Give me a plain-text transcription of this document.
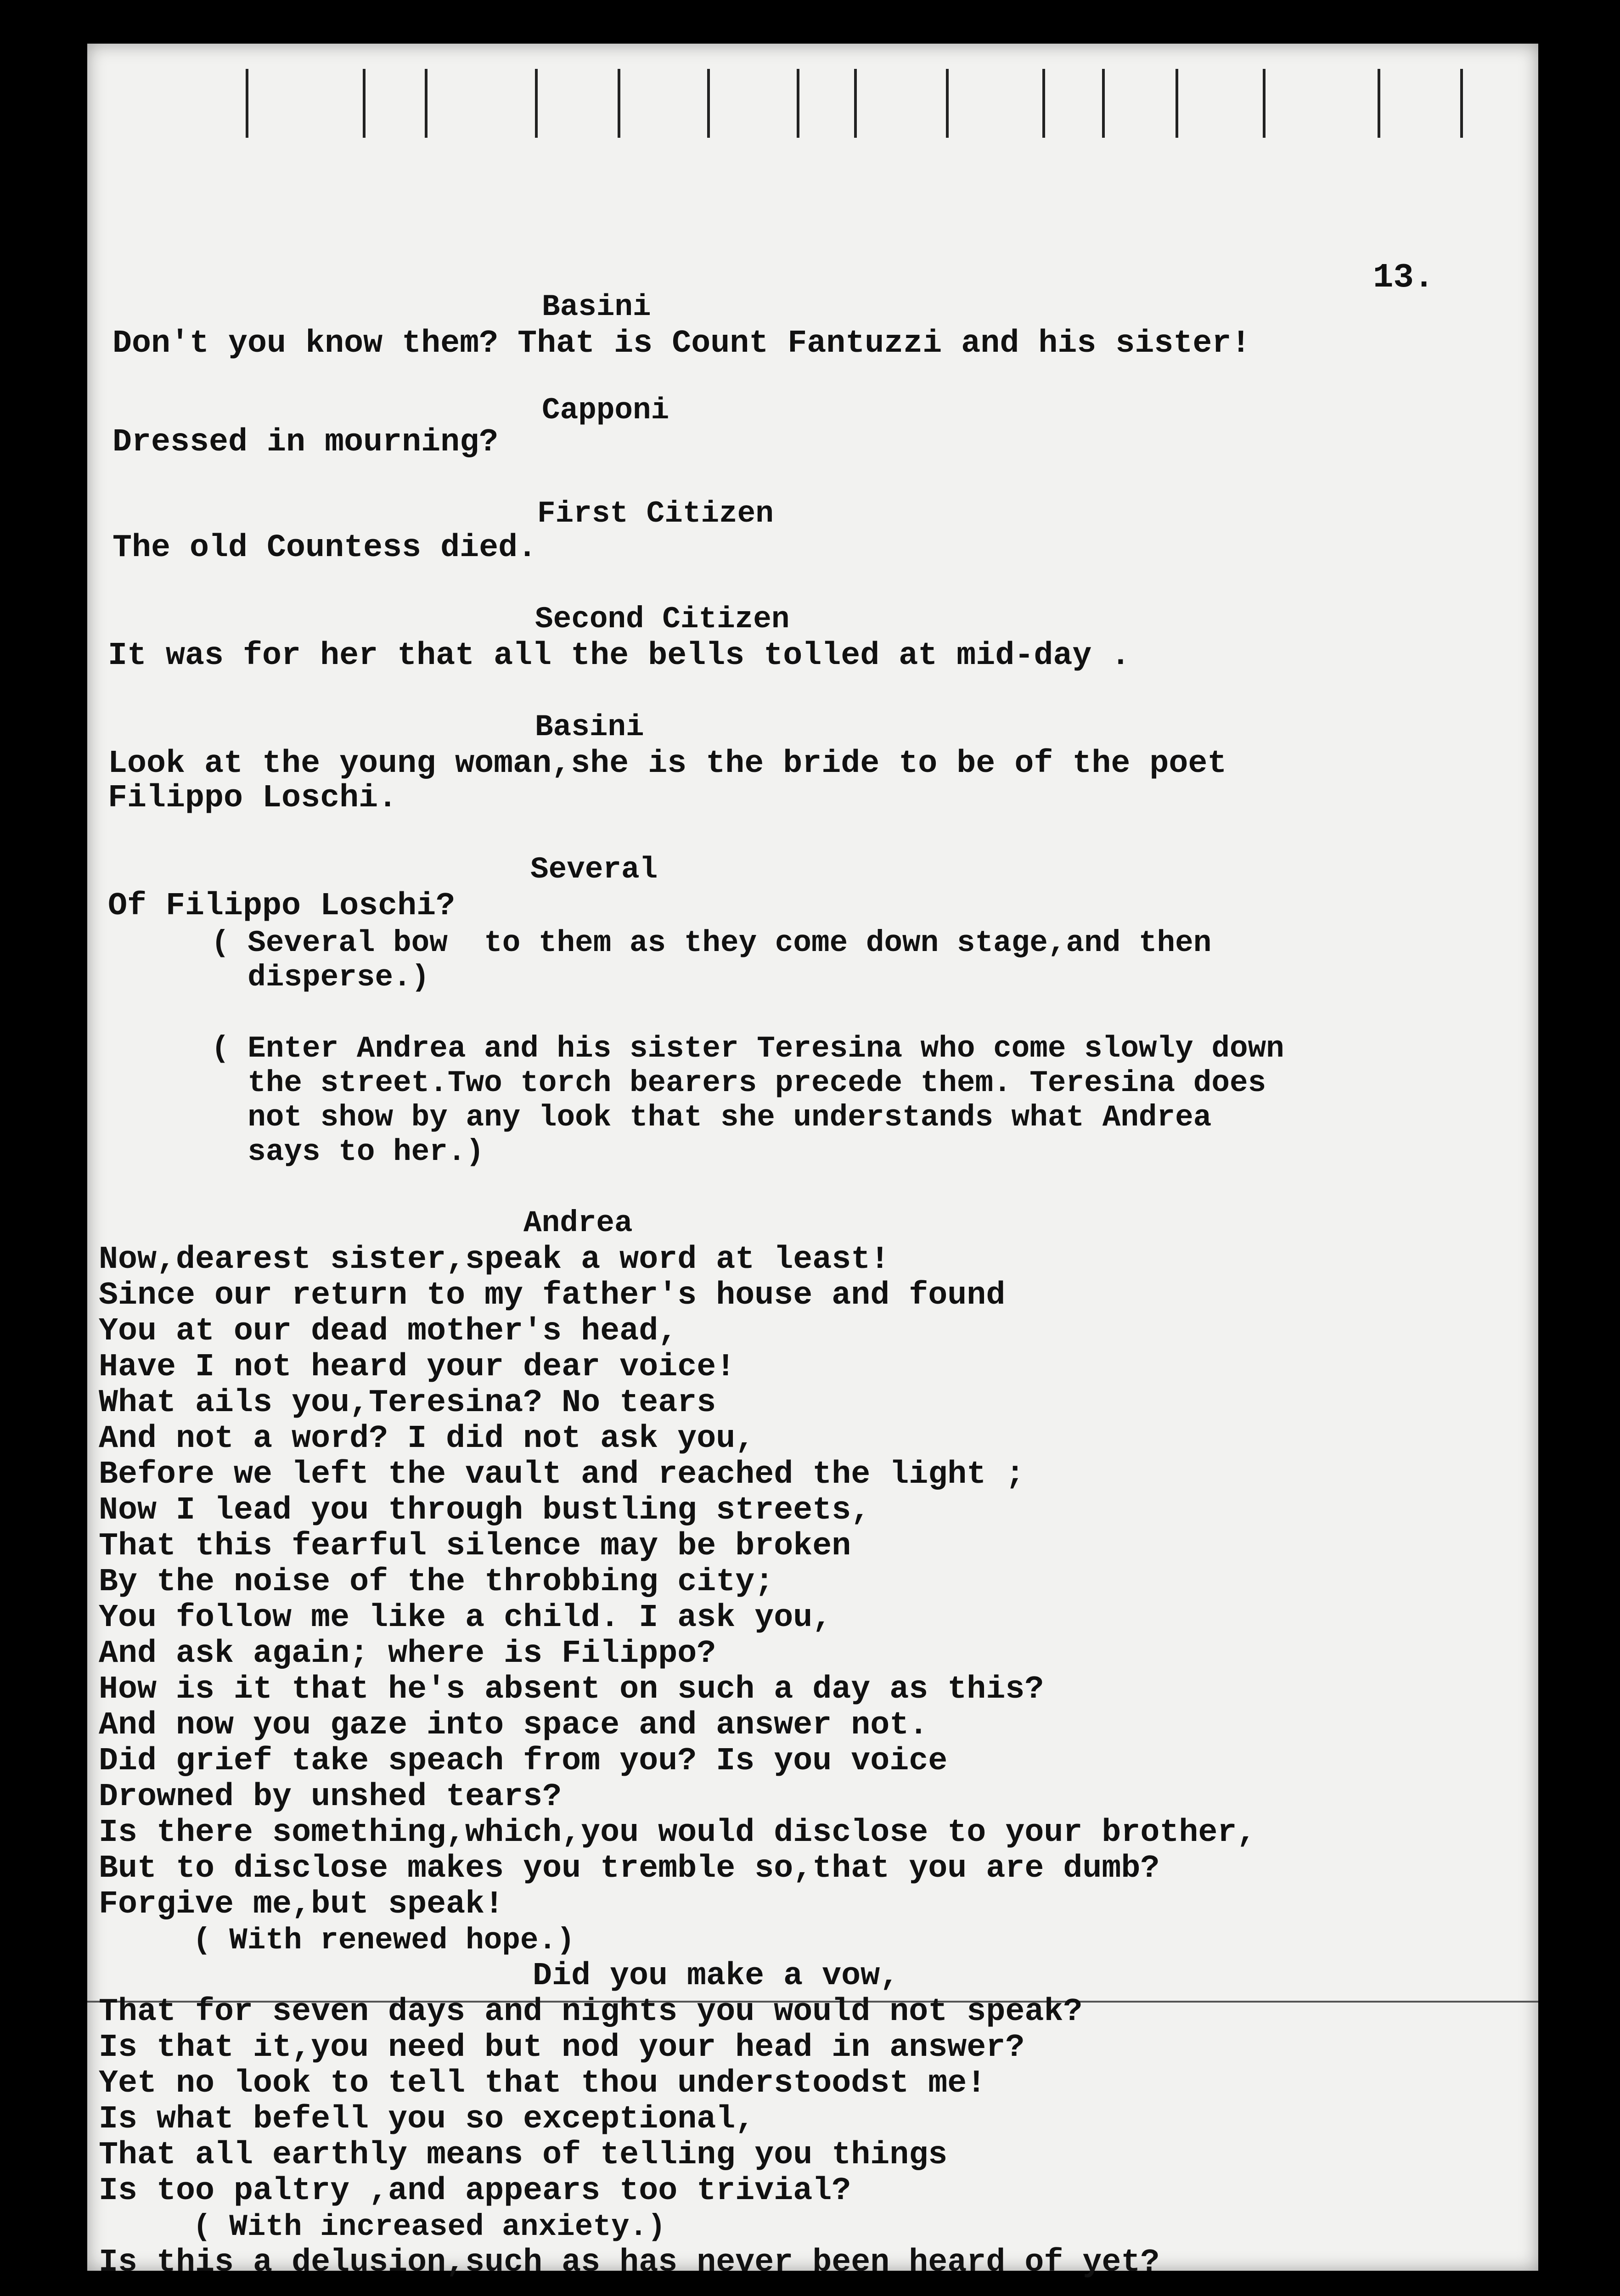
13.
Basini
Don't you know them? That is Count Fantuzzi and his sister!
Capponi
Dressed in mourning?
First Citizen
The old Countess died.
Second Citizen
It was for her that all the bells tolled at mid-day .
Basini
Look at the young woman,she is the bride to be of the poet
Filippo Loschi.
Several
Of Filippo Loschi?
( Several bow  to them as they come down stage,and then
disperse.)
( Enter Andrea and his sister Teresina who come slowly down
the street.Two torch bearers precede them. Teresina does
not show by any look that she understands what Andrea
says to her.)
Andrea
Now,dearest sister,speak a word at least!
Since our return to my father's house and found
You at our dead mother's head,
Have I not heard your dear voice!
What ails you,Teresina? No tears
And not a word? I did not ask you,
Before we left the vault and reached the light ;
Now I lead you through bustling streets,
That this fearful silence may be broken
By the noise of the throbbing city;
You follow me like a child. I ask you,
And ask again; where is Filippo?
How is it that he's absent on such a day as this?
And now you gaze into space and answer not.
Did grief take speach from you? Is you voice
Drowned by unshed tears?
Is there something,which,you would disclose to your brother,
But to disclose makes you tremble so,that you are dumb?
Forgive me,but speak!
( With renewed hope.)
Did you make a vow,
That for seven days and nights you would not speak?
Is that it,you need but nod your head in answer?
Yet no look to tell that thou understoodst me!
Is what befell you so exceptional,
That all earthly means of telling you things
Is too paltry ,and appears too trivial?
( With increased anxiety.)
Is this a delusion,such as has never been heard of yet?
